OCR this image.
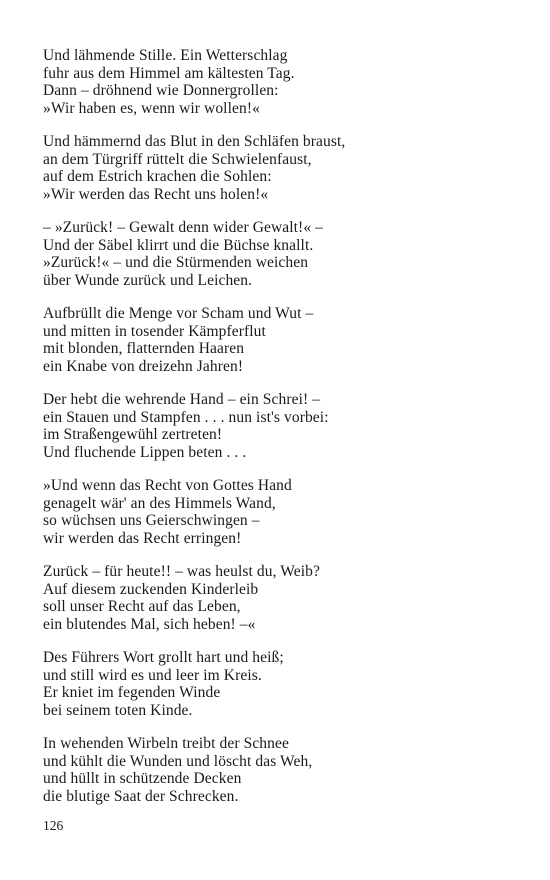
Und lähmende Stille. Ein Wetterschlag
fuhr aus dem Himmel am kältesten Tag.
Dann – dröhnend wie Donnergrollen:
»Wir haben es, wenn wir wollen!«
Und hämmernd das Blut in den Schläfen braust,
an dem Türgriff rüttelt die Schwielenfaust,
auf dem Estrich krachen die Sohlen:
»Wir werden das Recht uns holen!«
– »Zurück! – Gewalt denn wider Gewalt!« –
Und der Säbel klirrt und die Büchse knallt.
»Zurück!« – und die Stürmenden weichen
über Wunde zurück und Leichen.
Aufbrüllt die Menge vor Scham und Wut –
und mitten in tosender Kämpferflut
mit blonden, flatternden Haaren
ein Knabe von dreizehn Jahren!
Der hebt die wehrende Hand – ein Schrei! –
ein Stauen und Stampfen . . . nun ist's vorbei:
im Straßengewühl zertreten!
Und fluchende Lippen beten . . .
»Und wenn das Recht von Gottes Hand
genagelt wär' an des Himmels Wand,
so wüchsen uns Geierschwingen –
wir werden das Recht erringen!
Zurück – für heute!! – was heulst du, Weib?
Auf diesem zuckenden Kinderleib
soll unser Recht auf das Leben,
ein blutendes Mal, sich heben! –«
Des Führers Wort grollt hart und heiß;
und still wird es und leer im Kreis.
Er kniet im fegenden Winde
bei seinem toten Kinde.
In wehenden Wirbeln treibt der Schnee
und kühlt die Wunden und löscht das Weh,
und hüllt in schützende Decken
die blutige Saat der Schrecken.
126
